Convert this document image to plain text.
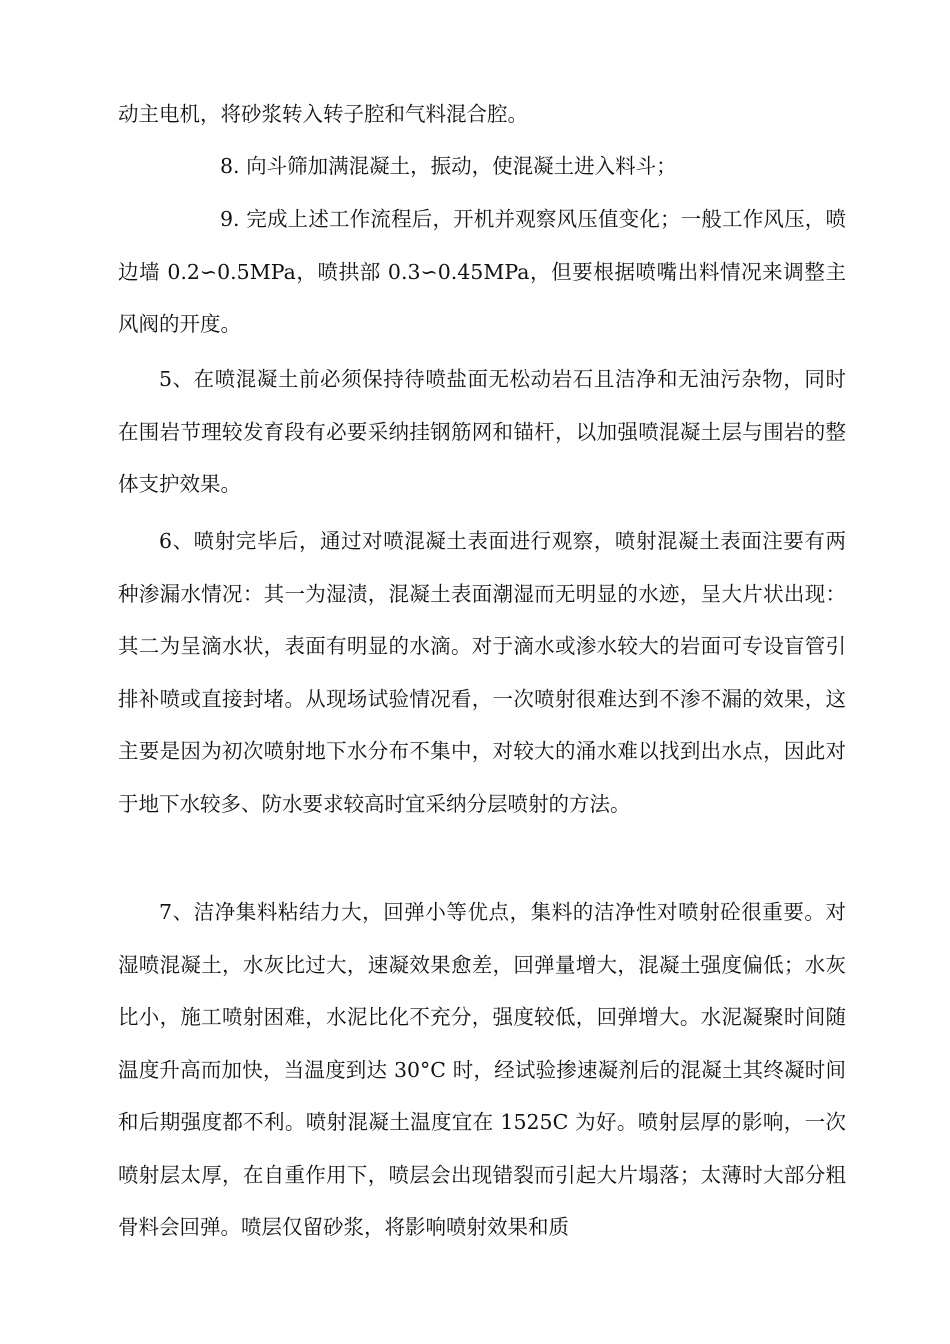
动主电机，将砂浆转入转子腔和气料混合腔。

8. 向斗筛加满混凝土，振动，使混凝土进入料斗；

9. 完成上述工作流程后，开机并观察风压值变化；一般工作风压，喷边墙 0.2∽0.5MPa，喷拱部 0.3∽0.45MPa，但要根据喷嘴出料情况来调整主风阀的开度。

5、在喷混凝土前必须保持待喷盐面无松动岩石且洁净和无油污杂物，同时在围岩节理较发育段有必要采纳挂钢筋网和锚杆，以加强喷混凝土层与围岩的整体支护效果。

6、喷射完毕后，通过对喷混凝土表面进行观察，喷射混凝土表面注要有两种渗漏水情况：其一为湿渍，混凝土表面潮湿而无明显的水迹，呈大片状出现：其二为呈滴水状，表面有明显的水滴。对于滴水或渗水较大的岩面可专设盲管引排补喷或直接封堵。从现场试验情况看，一次喷射很难达到不渗不漏的效果，这主要是因为初次喷射地下水分布不集中，对较大的涌水难以找到出水点，因此对于地下水较多、防水要求较高时宜采纳分层喷射的方法。

7、洁净集料粘结力大，回弹小等优点，集料的洁净性对喷射砼很重要。对湿喷混凝土，水灰比过大，速凝效果愈差，回弹量增大，混凝土强度偏低；水灰比小，施工喷射困难，水泥比化不充分，强度较低，回弹增大。水泥凝聚时间随温度升高而加快，当温度到达 30°C 时，经试验掺速凝剂后的混凝土其终凝时间和后期强度都不利。喷射混凝土温度宜在 1525C 为好。喷射层厚的影响，一次喷射层太厚，在自重作用下，喷层会出现错裂而引起大片塌落；太薄时大部分粗骨料会回弹。喷层仅留砂浆，将影响喷射效果和质
